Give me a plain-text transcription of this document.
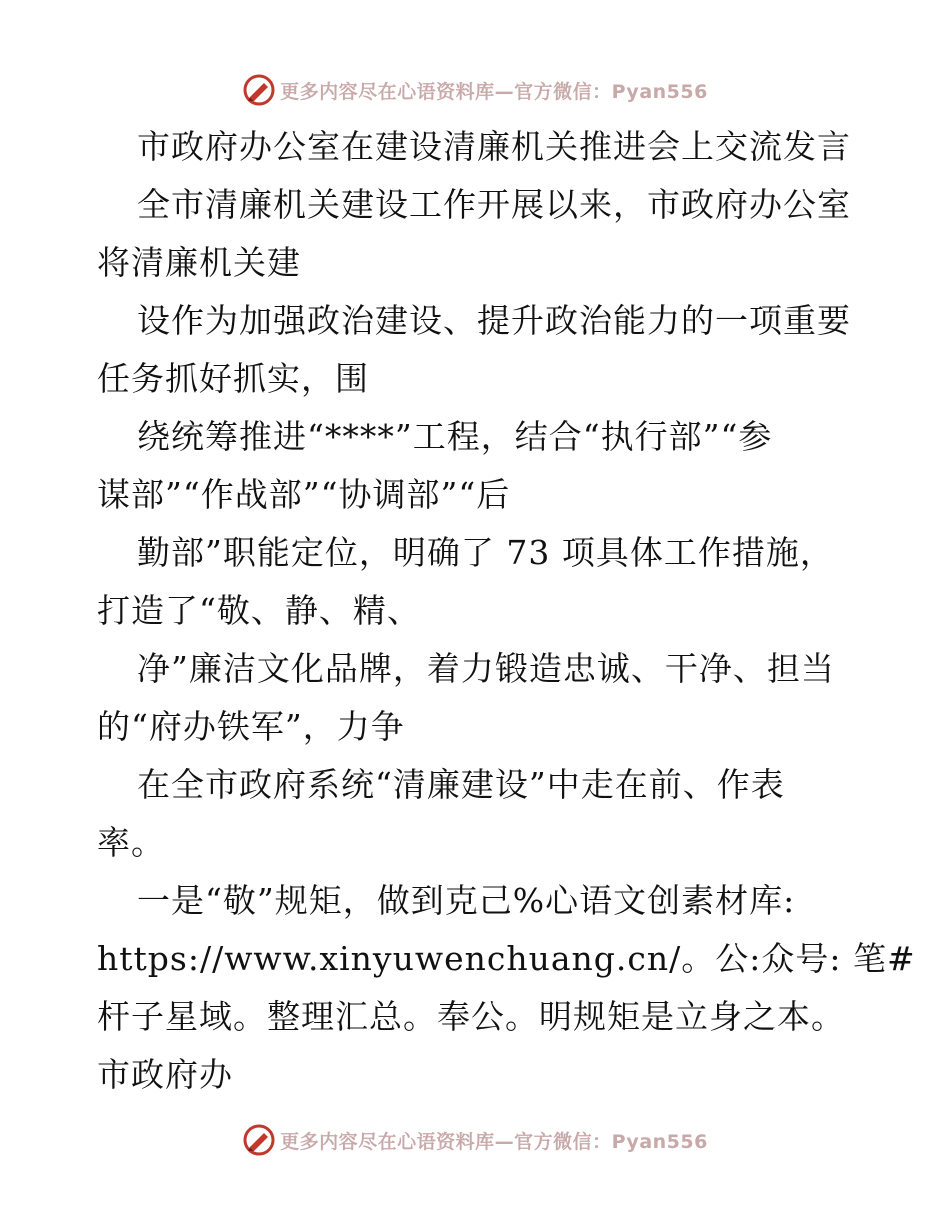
更多内容尽在心语资料库—官方微信：Pyan556

市政府办公室在建设清廉机关推进会上交流发言

全市清廉机关建设工作开展以来，市政府办公室

将清廉机关建

设作为加强政治建设、提升政治能力的一项重要

任务抓好抓实，围

绕统筹推进“****”工程，结合“执行部”“参

谋部”“作战部”“协调部”“后

勤部”职能定位，明确了 73 项具体工作措施，

打造了“敬、静、精、

净”廉洁文化品牌，着力锻造忠诚、干净、担当

的“府办铁军”，力争

在全市政府系统“清廉建设”中走在前、作表

率。

一是“敬”规矩，做到克己%心语文创素材库:

https://www.xinyuwenchuang.cn/。公:众号: 笔#

杆子星域。整理汇总。奉公。明规矩是立身之本。

市政府办

更多内容尽在心语资料库—官方微信：Pyan556
